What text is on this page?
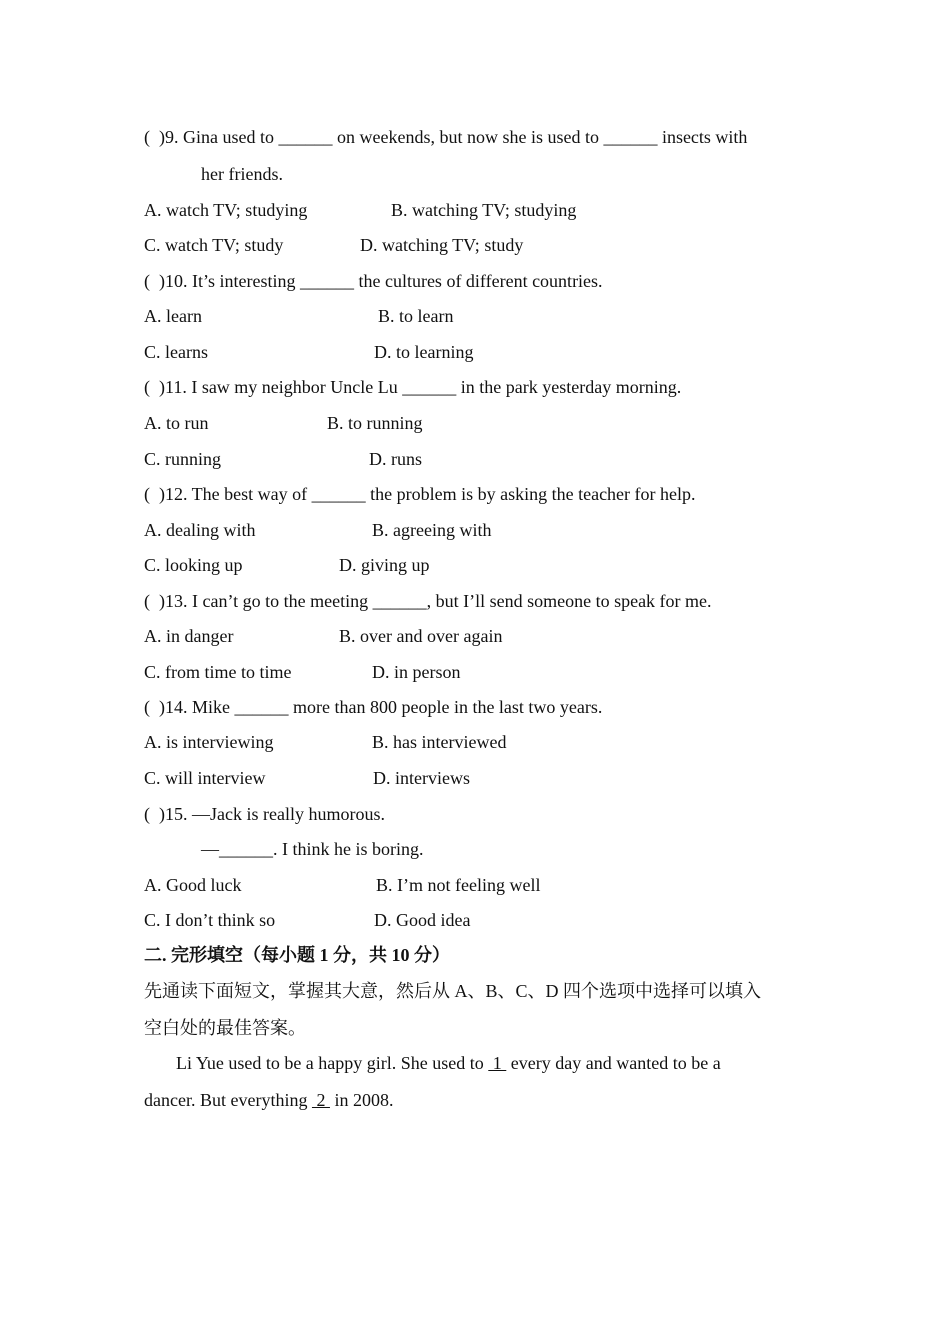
(  )9. Gina used to ______ on weekends, but now she is used to ______ insects with
her friends.
A. watch TV; studying	B. watching TV; studying
C. watch TV; study	D. watching TV; study
(  )10. It’s interesting ______ the cultures of different countries.
A. learn	B. to learn
C. learns	D. to learning
(  )11. I saw my neighbor Uncle Lu ______ in the park yesterday morning.
A. to run	B. to running
C. running	D. runs
(  )12. The best way of ______ the problem is by asking the teacher for help.
A. dealing with	B. agreeing with
C. looking up	D. giving up
(  )13. I can’t go to the meeting ______, but I’ll send someone to speak for me.
A. in danger	B. over and over again
C. from time to time	D. in person
(  )14. Mike ______ more than 800 people in the last two years.
A. is interviewing	B. has interviewed
C. will interview	D. interviews
(  )15. —Jack is really humorous.
—______. I think he is boring.
A. Good luck	B. I’m not feeling well
C. I don’t think so	D. Good idea
二. 完形填空（每小题 1 分，共 10 分）
先通读下面短文，掌握其大意，然后从 A、B、C、D 四个选项中选择可以填入
空白处的最佳答案。
Li Yue used to be a happy girl. She used to  1  every day and wanted to be a
dancer. But everything  2  in 2008.
